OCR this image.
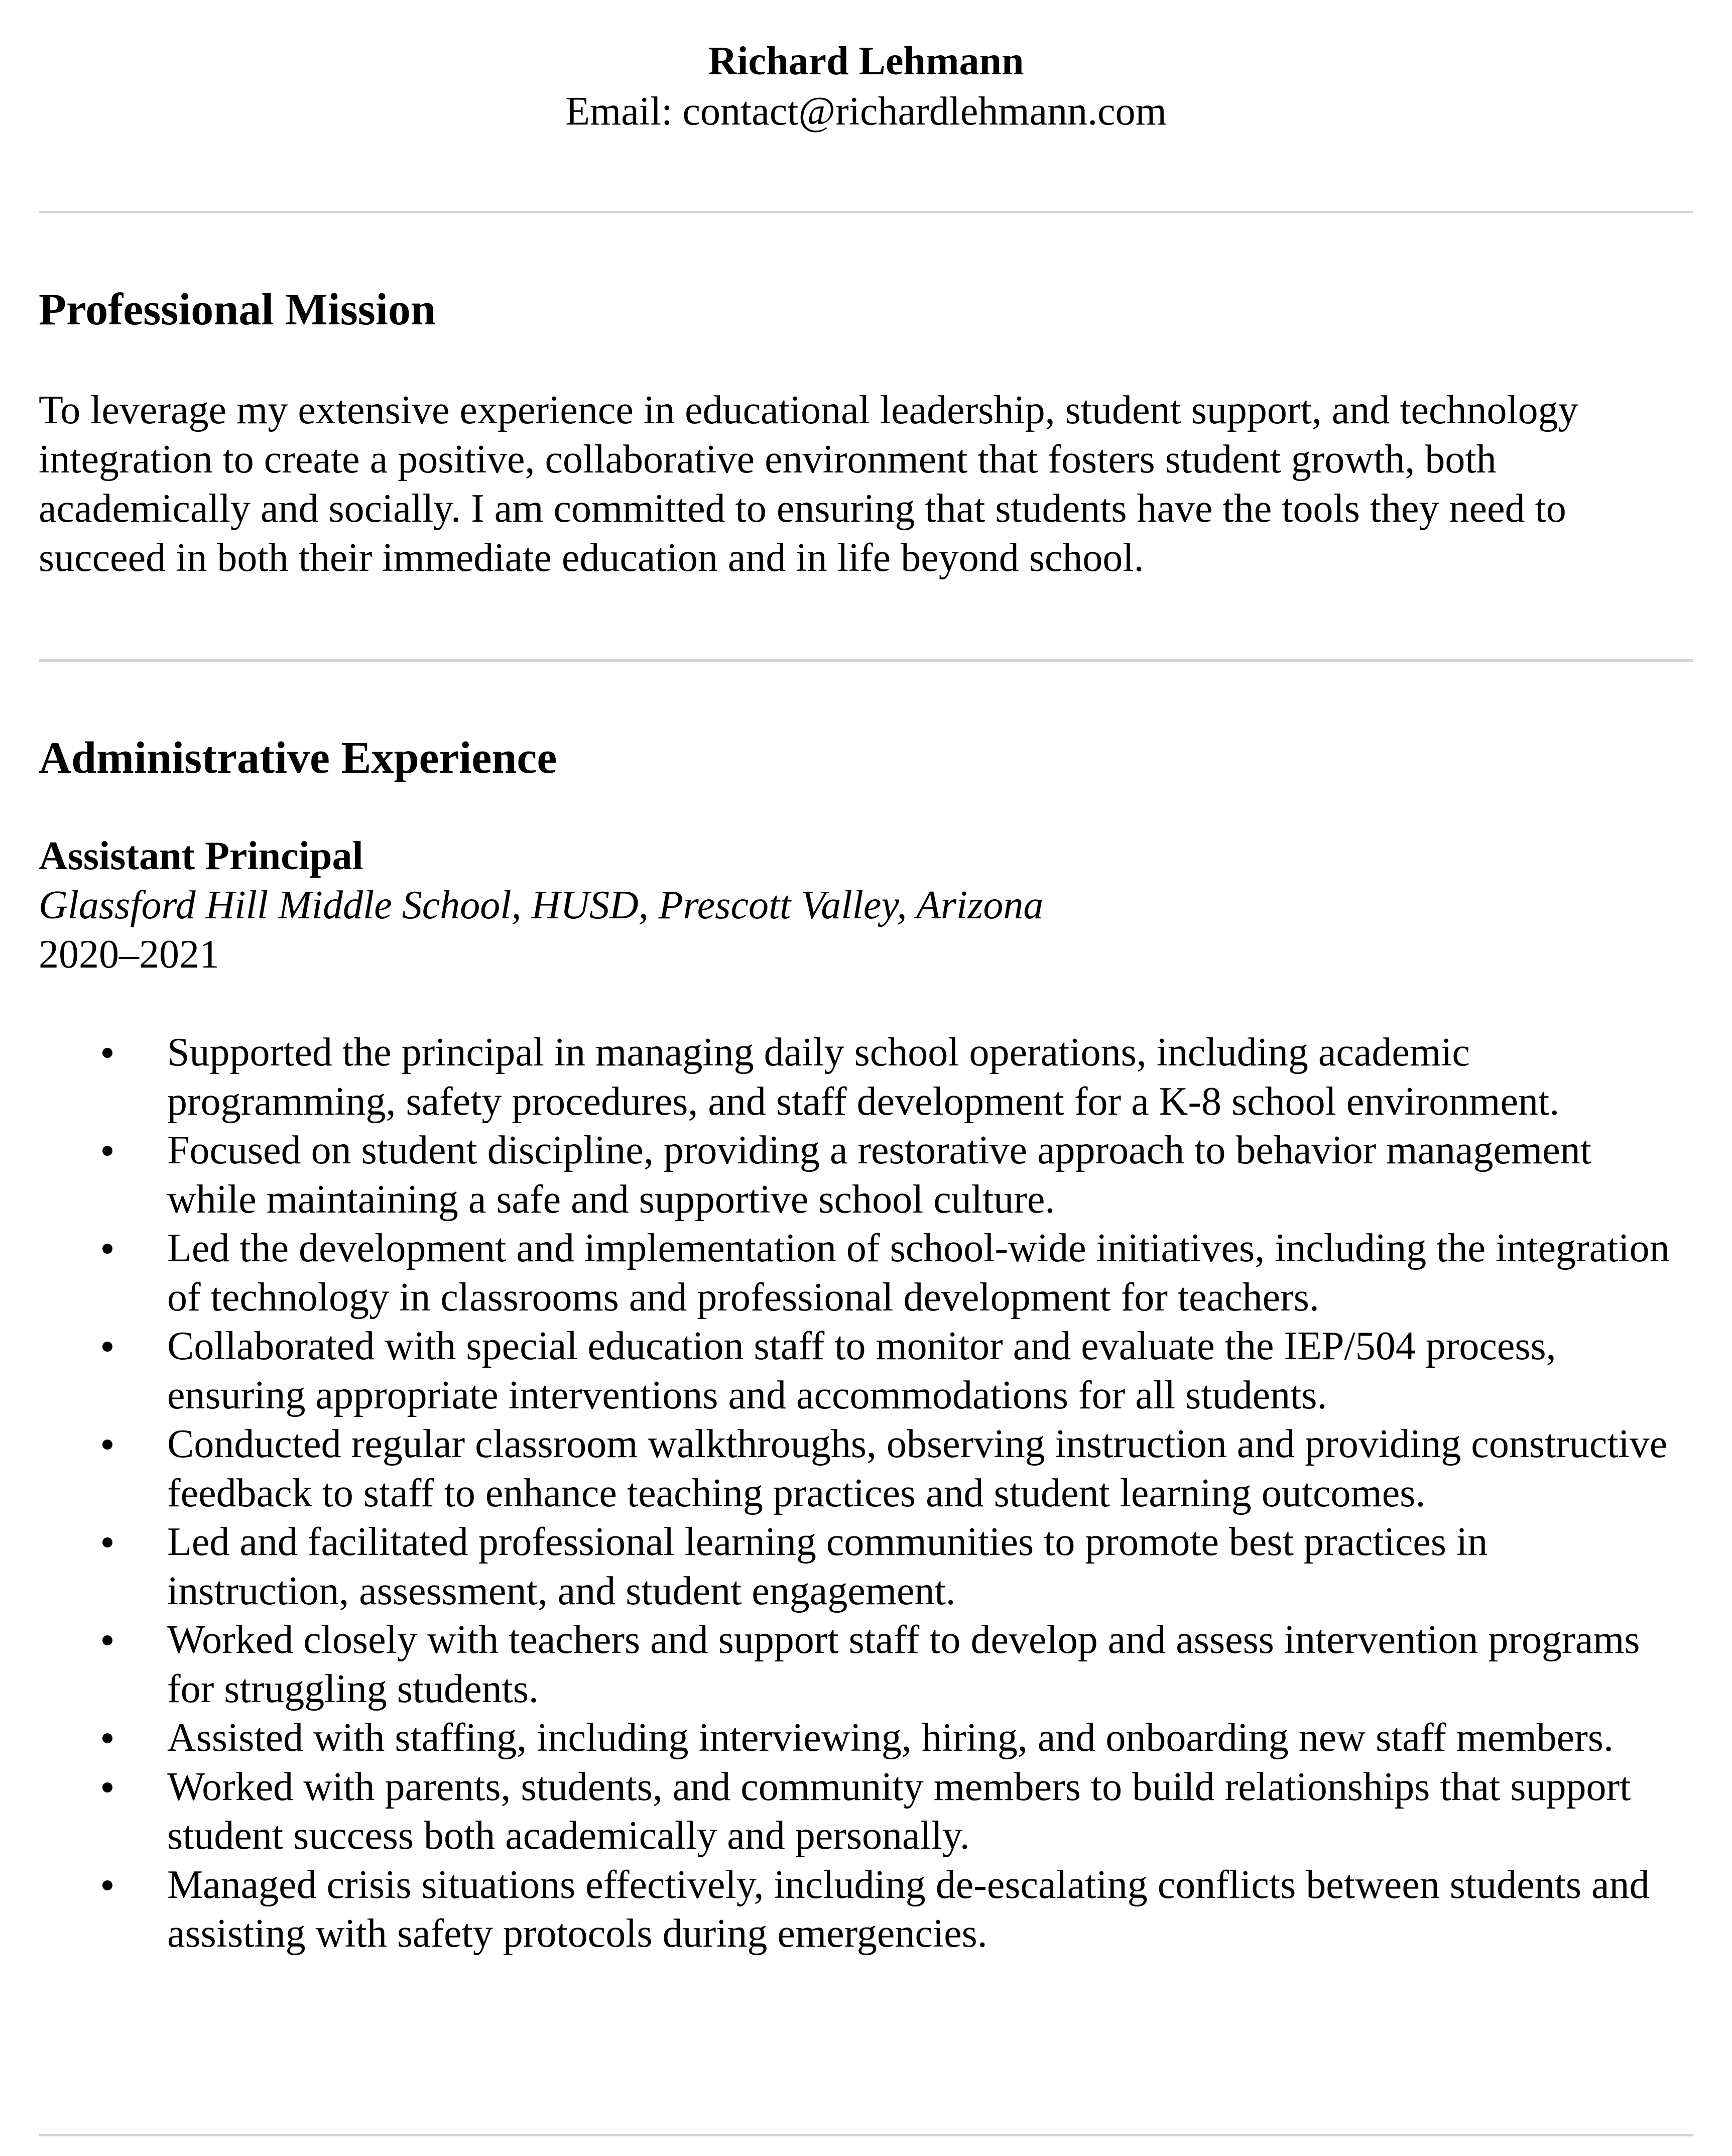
Richard Lehmann

Email: contact@richardlehmann.com

Professional Mission

To leverage my extensive experience in educational leadership, student support, and technology integration to create a positive, collaborative environment that fosters student growth, both academically and socially. I am committed to ensuring that students have the tools they need to succeed in both their immediate education and in life beyond school.

Administrative Experience

Assistant Principal

Glassford Hill Middle School, HUSD, Prescott Valley, Arizona

2020–2021

Supported the principal in managing daily school operations, including academic programming, safety procedures, and staff development for a K-8 school environment.
Focused on student discipline, providing a restorative approach to behavior management while maintaining a safe and supportive school culture.
Led the development and implementation of school-wide initiatives, including the integration of technology in classrooms and professional development for teachers.
Collaborated with special education staff to monitor and evaluate the IEP/504 process, ensuring appropriate interventions and accommodations for all students.
Conducted regular classroom walkthroughs, observing instruction and providing constructive feedback to staff to enhance teaching practices and student learning outcomes.
Led and facilitated professional learning communities to promote best practices in instruction, assessment, and student engagement.
Worked closely with teachers and support staff to develop and assess intervention programs for struggling students.
Assisted with staffing, including interviewing, hiring, and onboarding new staff members.
Worked with parents, students, and community members to build relationships that support student success both academically and personally.
Managed crisis situations effectively, including de-escalating conflicts between students and assisting with safety protocols during emergencies.
